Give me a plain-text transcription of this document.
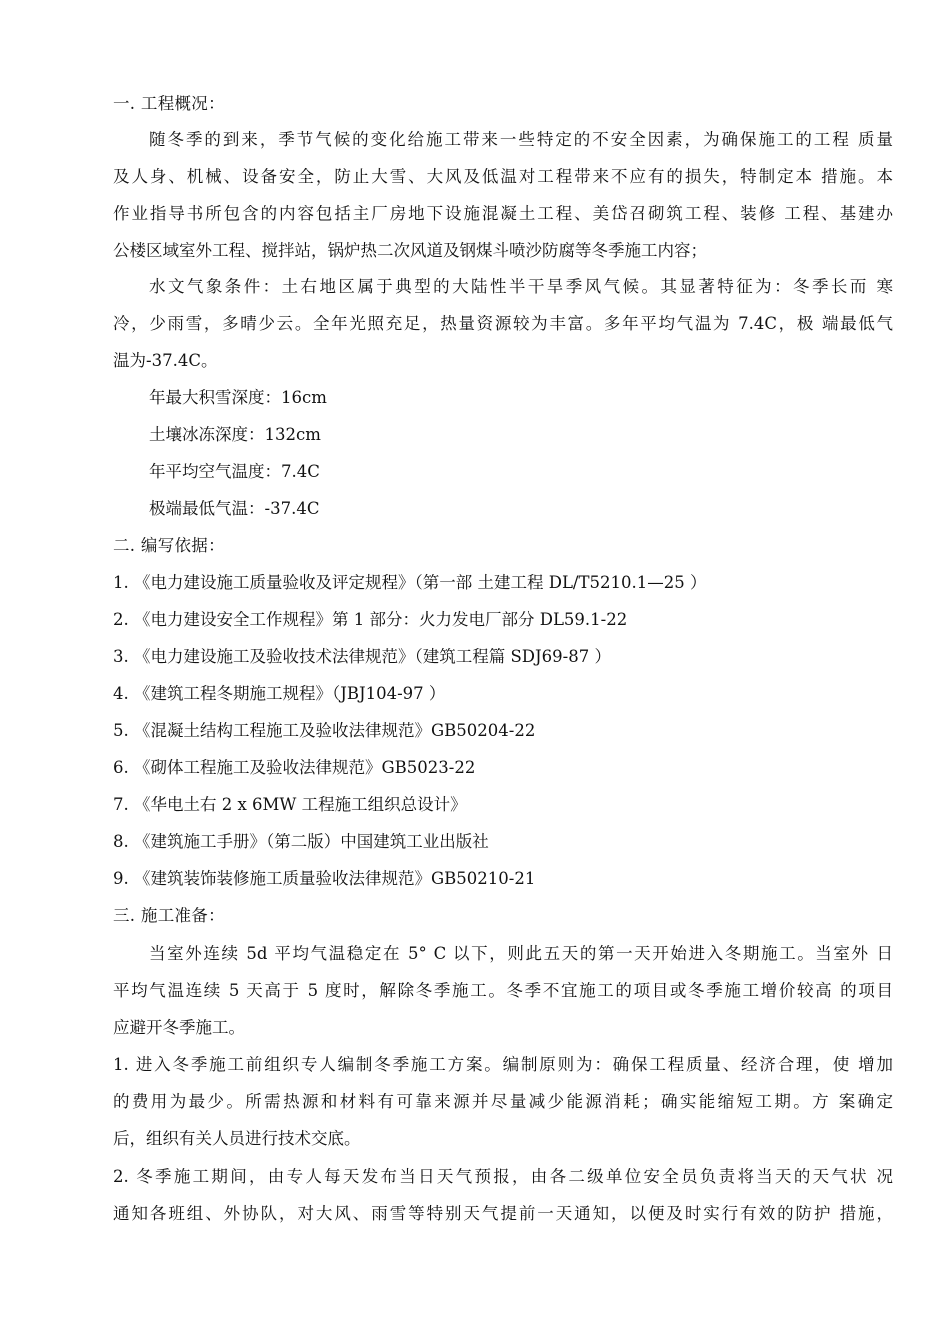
一. 工程概况：
随冬季的到来，季节气候的变化给施工带来一些特定的不安全因素，为确保施工的工程 质量
及人身、机械、设备安全，防止大雪、大风及低温对工程带来不应有的损失，特制定本 措施。本
作业指导书所包含的内容包括主厂房地下设施混凝土工程、美岱召砌筑工程、装修 工程、基建办
公楼区域室外工程、搅拌站，锅炉热二次风道及钢煤斗喷沙防腐等冬季施工内容；
水文气象条件：土右地区属于典型的大陆性半干旱季风气候。其显著特征为：冬季长而 寒
冷，少雨雪，多晴少云。全年光照充足，热量资源较为丰富。多年平均气温为 7.4C，极 端最低气
温为-37.4C。
年最大积雪深度：16cm
土壤冰冻深度：132cm
年平均空气温度：7.4C
极端最低气温：-37.4C
二. 编写依据：
1. 《电力建设施工质量验收及评定规程》（第一部 土建工程 DL/T5210.1—25 ）
2. 《电力建设安全工作规程》第 1 部分：火力发电厂部分 DL59.1-22
3. 《电力建设施工及验收技术法律规范》（建筑工程篇 SDJ69-87 ）
4. 《建筑工程冬期施工规程》（JBJ104-97 ）
5. 《混凝土结构工程施工及验收法律规范》GB50204-22
6. 《砌体工程施工及验收法律规范》GB5023-22
7. 《华电土右 2 x 6MW 工程施工组织总设计》
8. 《建筑施工手册》（第二版）中国建筑工业出版社
9. 《建筑装饰装修施工质量验收法律规范》GB50210-21
三. 施工准备：
当室外连续 5d 平均气温稳定在 5° C 以下，则此五天的第一天开始进入冬期施工。当室外 日
平均气温连续 5 天高于 5 度时，解除冬季施工。冬季不宜施工的项目或冬季施工增价较高 的项目
应避开冬季施工。
1. 进入冬季施工前组织专人编制冬季施工方案。编制原则为：确保工程质量、经济合理，使 增加
的费用为最少。所需热源和材料有可靠来源并尽量减少能源消耗；确实能缩短工期。方 案确定
后，组织有关人员进行技术交底。
2. 冬季施工期间，由专人每天发布当日天气预报，由各二级单位安全员负责将当天的天气状 况
通知各班组、外协队，对大风、雨雪等特别天气提前一天通知，以便及时实行有效的防护 措施，
